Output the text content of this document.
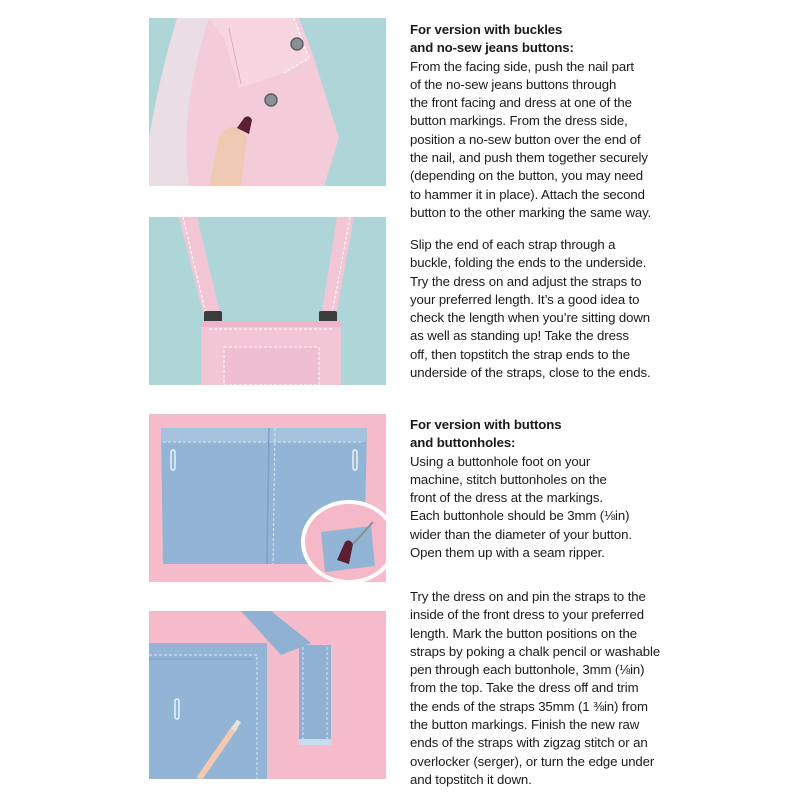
For version with buckles
and no-sew jeans buttons:
From the facing side, push the nail part
of the no-sew jeans buttons through
the front facing and dress at one of the
button markings. From the dress side,
position a no-sew button over the end of
the nail, and push them together securely
(depending on the button, you may need
to hammer it in place). Attach the second
button to the other marking the same way.
Slip the end of each strap through a
buckle, folding the ends to the underside.
Try the dress on and adjust the straps to
your preferred length. It’s a good idea to
check the length when you’re sitting down
as well as standing up! Take the dress
off, then topstitch the strap ends to the
underside of the straps, close to the ends.
For version with buttons
and buttonholes:
Using a buttonhole foot on your
machine, stitch buttonholes on the
front of the dress at the markings.
Each buttonhole should be 3mm (⅛in)
wider than the diameter of your button.
Open them up with a seam ripper.
Try the dress on and pin the straps to the
inside of the front dress to your preferred
length. Mark the button positions on the
straps by poking a chalk pencil or washable
pen through each buttonhole, 3mm (⅛in)
from the top. Take the dress off and trim
the ends of the straps 35mm (1 ⅜in) from
the button markings. Finish the new raw
ends of the straps with zigzag stitch or an
overlocker (serger), or turn the edge under
and topstitch it down.
